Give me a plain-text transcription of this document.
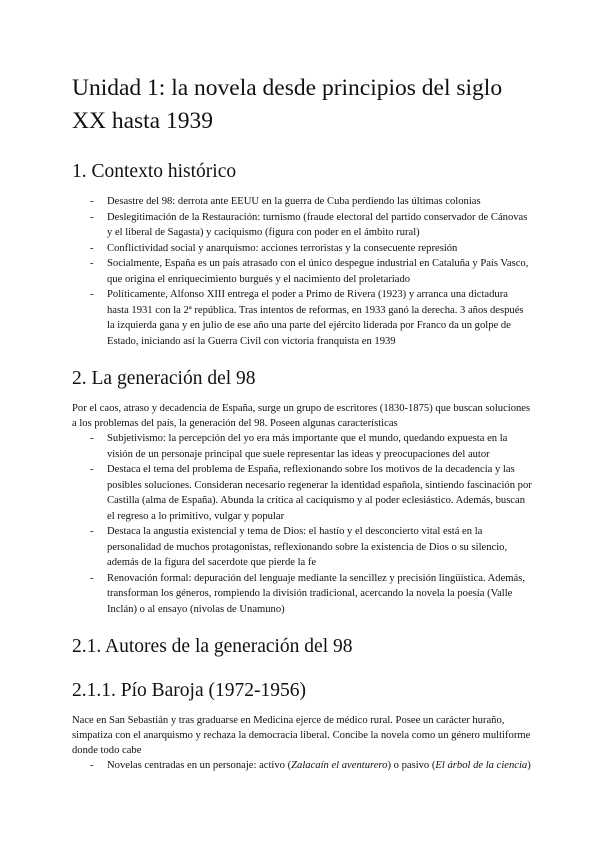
Unidad 1: la novela desde principios del siglo XX hasta 1939
1. Contexto histórico
- Desastre del 98: derrota ante EEUU en la guerra de Cuba perdiendo las últimas colonias
- Deslegitimación de la Restauración: turnismo (fraude electoral del partido conservador de Cánovas y el liberal de Sagasta) y caciquismo (figura con poder en el ámbito rural)
- Conflictividad social y anarquismo: acciones terroristas y la consecuente represión
- Socialmente, España es un país atrasado con el único despegue industrial en Cataluña y País Vasco, que origina el enriquecimiento burgués y el nacimiento del proletariado
- Políticamente, Alfonso XIII entrega el poder a Primo de Rivera (1923) y arranca una dictadura hasta 1931 con la 2ª república. Tras intentos de reformas, en 1933 ganó la derecha. 3 años después la izquierda gana y en julio de ese año una parte del ejército liderada por Franco da un golpe de Estado, iniciando así la Guerra Civil con victoria franquista en 1939
2. La generación del 98

Por el caos, atraso y decadencia de España, surge un grupo de escritores (1830-1875) que buscan soluciones a los problemas del país, la generación del 98. Poseen algunas características

- Subjetivismo: la percepción del yo era más importante que el mundo, quedando expuesta en la visión de un personaje principal que suele representar las ideas y preocupaciones del autor
- Destaca el tema del problema de España, reflexionando sobre los motivos de la decadencia y las posibles soluciones. Consideran necesario regenerar la identidad española, sintiendo fascinación por Castilla (alma de España). Abunda la crítica al caciquismo y al poder eclesiástico. Además, buscan el regreso a lo primitivo, vulgar y popular
- Destaca la angustia existencial y tema de Dios: el hastío y el desconcierto vital está en la personalidad de muchos protagonistas, reflexionando sobre la existencia de Dios o su silencio, además de la figura del sacerdote que pierde la fe
- Renovación formal: depuración del lenguaje mediante la sencillez y precisión lingüística. Además, transforman los géneros, rompiendo la división tradicional, acercando la novela la poesía (Valle Inclán) o al ensayo (nivolas de Unamuno)
2.1. Autores de la generación del 98
2.1.1. Pío Baroja (1972-1956)

Nace en San Sebastián y tras graduarse en Medicina ejerce de médico rural. Posee un carácter huraño, simpatiza con el anarquismo y rechaza la democracia liberal. Concibe la novela como un género multiforme donde todo cabe

- Novelas centradas en un personaje: activo (Zalacaín el aventurero) o pasivo (El árbol de la ciencia)
